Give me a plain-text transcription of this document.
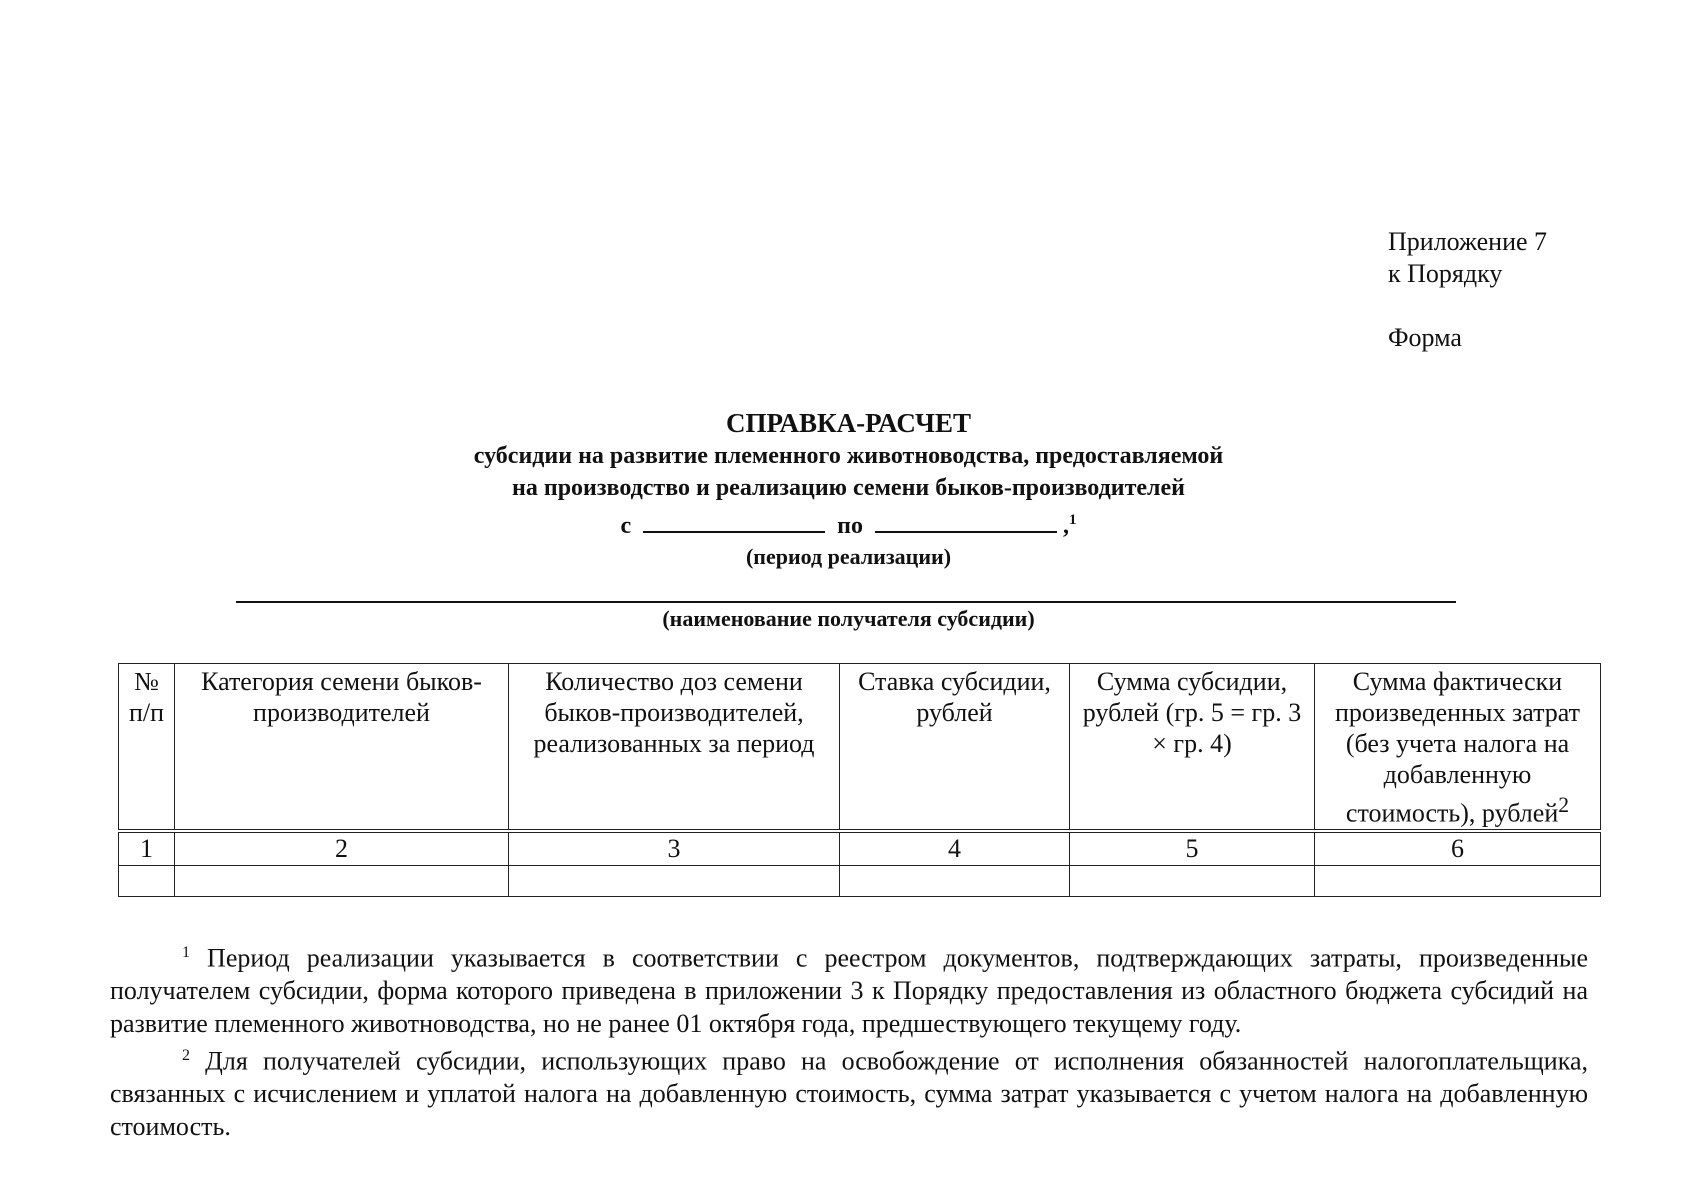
Приложение 7
к Порядку
Форма
СПРАВКА-РАСЧЕТ
субсидии на развитие племенного животноводства, предоставляемой
на производство и реализацию семени быков-производителей
с	по	,$^1$
(период реализации)
(наименование получателя субсидии)
№ п/п	Категория семени быков-производителей	Количество доз семени быков-производителей, реализованных за период	Ставка субсидии, рублей	Сумма субсидии, рублей (гр. 5 = гр. 3 × гр. 4)	Сумма фактически произведенных затрат (без учета налога на добавленную стоимость), рублей$^2$
1	2	3	4	5	6

$^1$ Период реализации указывается в соответствии с реестром документов, подтверждающих затраты, произведенные получателем субсидии, форма которого приведена в приложении 3 к Порядку предоставления из областного бюджета субсидий на развитие племенного животноводства, но не ранее 01 октября года, предшествующего текущему году.

$^2$ Для получателей субсидии, использующих право на освобождение от исполнения обязанностей налогоплательщика, связанных с исчислением и уплатой налога на добавленную стоимость, сумма затрат указывается с учетом налога на добавленную стоимость.
